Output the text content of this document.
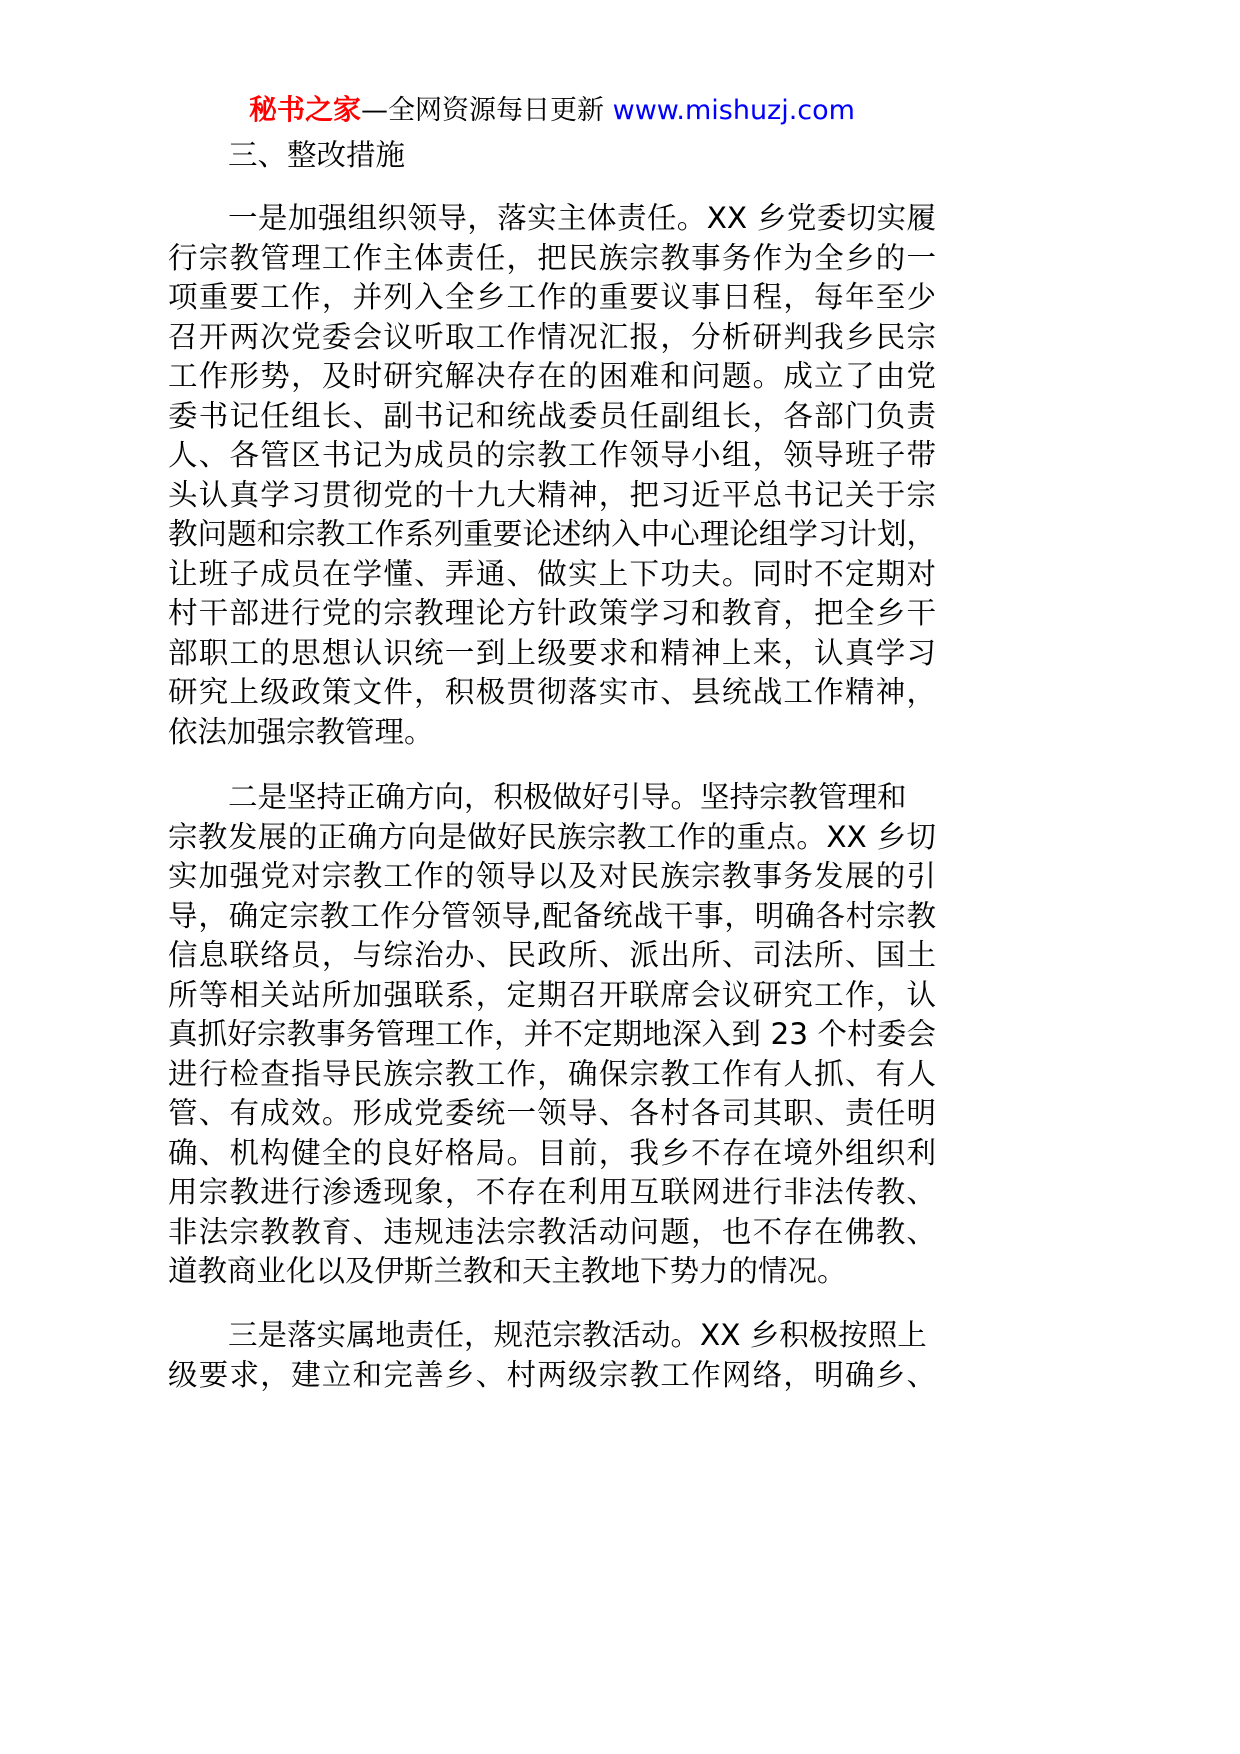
秘书之家—全网资源每日更新 www.mishuzj.com
三、整改措施
一是加强组织领导，落实主体责任。XX 乡党委切实履
行宗教管理工作主体责任，把民族宗教事务作为全乡的一
项重要工作，并列入全乡工作的重要议事日程，每年至少
召开两次党委会议听取工作情况汇报，分析研判我乡民宗
工作形势，及时研究解决存在的困难和问题。成立了由党
委书记任组长、副书记和统战委员任副组长，各部门负责
人、各管区书记为成员的宗教工作领导小组，领导班子带
头认真学习贯彻党的十九大精神，把习近平总书记关于宗
教问题和宗教工作系列重要论述纳入中心理论组学习计划，
让班子成员在学懂、弄通、做实上下功夫。同时不定期对
村干部进行党的宗教理论方针政策学习和教育，把全乡干
部职工的思想认识统一到上级要求和精神上来，认真学习
研究上级政策文件，积极贯彻落实市、县统战工作精神，
依法加强宗教管理。
二是坚持正确方向，积极做好引导。坚持宗教管理和
宗教发展的正确方向是做好民族宗教工作的重点。XX 乡切
实加强党对宗教工作的领导以及对民族宗教事务发展的引
导，确定宗教工作分管领导,配备统战干事，明确各村宗教
信息联络员，与综治办、民政所、派出所、司法所、国土
所等相关站所加强联系，定期召开联席会议研究工作，认
真抓好宗教事务管理工作，并不定期地深入到 23 个村委会
进行检查指导民族宗教工作，确保宗教工作有人抓、有人
管、有成效。形成党委统一领导、各村各司其职、责任明
确、机构健全的良好格局。目前，我乡不存在境外组织利
用宗教进行渗透现象，不存在利用互联网进行非法传教、
非法宗教教育、违规违法宗教活动问题，也不存在佛教、
道教商业化以及伊斯兰教和天主教地下势力的情况。
三是落实属地责任，规范宗教活动。XX 乡积极按照上
级要求，建立和完善乡、村两级宗教工作网络，明确乡、
